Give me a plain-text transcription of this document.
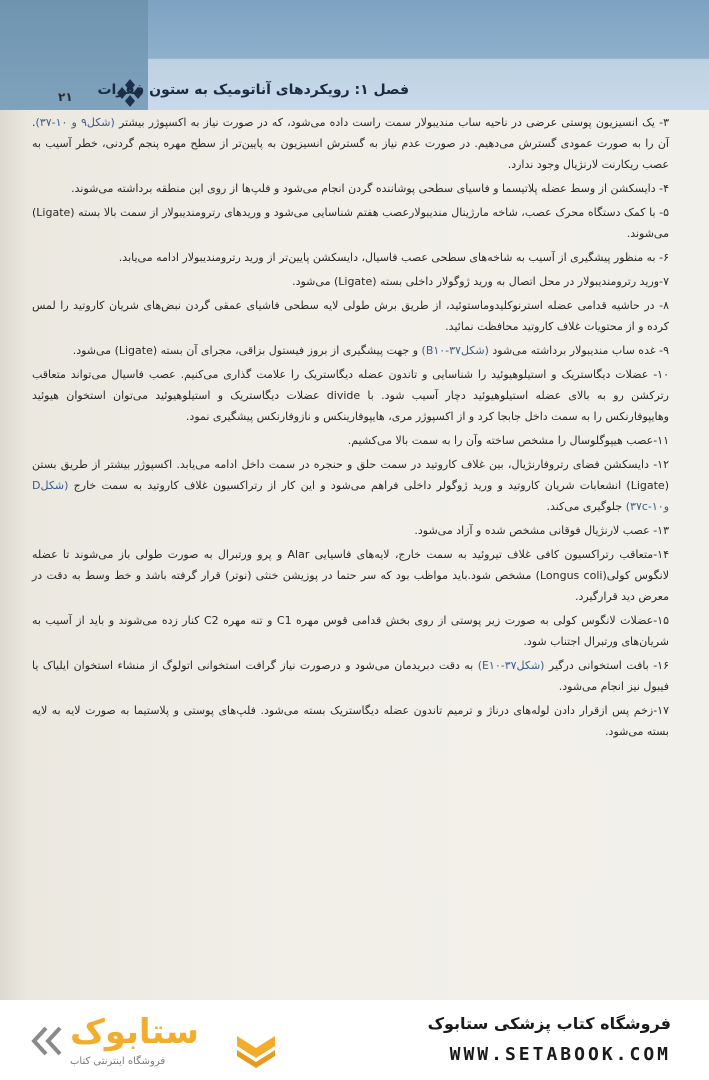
۲۱ فصل ۱: رویکردهای آناتومیک به ستون فقرات

۳- یک انسیزیون پوستی عرضی در ناحیه ساب مندیبولار سمت راست داده می‌شود، که در صورت نیاز به اکسپوژر بیشتر (شکل۹ و ۱۰-۳۷). آن را به صورت عمودی گسترش می‌دهیم. در صورت عدم نیاز به گسترش انسیزیون به پایین‌تر از سطح مهره پنجم گردنی، خطر آسیب به عصب ریکارنت لارنژیال وجود ندارد.

۴- دایسکشن از وسط عضله پلاتیسما و فاسیای سطحی پوشاننده گردن انجام می‌شود و فلپ‌ها از روی این منطقه برداشته می‌شوند.

۵- با کمک دستگاه محرک عصب، شاخه مارژینال مندیبولارعصب هفتم شناسایی می‌شود و وریدهای رترومندیبولار از سمت بالا بسته (Ligate) می‌شوند.

۶- به منظور پیشگیری از آسیب به شاخه‌های سطحی عصب فاسیال، دایسکشن پایین‌تر از ورید رترومندیبولار ادامه می‌یابد.

۷-ورید رترومندیبولار در محل اتصال به ورید ژوگولار داخلی بسته (Ligate) می‌شود.

۸- در حاشیه قدامی عضله استرنوکلیدوماستوئید، از طریق برش طولی لایه سطحی فاشیای عمقی گردن نبض‌های شریان کاروتید را لمس کرده و از محتویات غلاف کاروتید محافظت نمائید.

۹- غده ساب مندیبولار برداشته می‌شود (شکلB۱۰-۳۷) و جهت پیشگیری از بروز فیستول بزاقی، مجرای آن بسته (Ligate) می‌شود.

۱۰- عضلات دیگاستریک و استیلوهیوئید را شناسایی و تاندون عضله دیگاستریک را علامت گذاری می‌کنیم. عصب فاسیال می‌تواند متعاقب رترکشن رو به بالای عضله استیلوهیوئید دچار آسیب شود. با divide عضلات دیگاستریک و استیلوهیوئید می‌توان استخوان هیوئید وهایپوفارنکس را به سمت داخل جابجا کرد و از اکسپوژر مری، هایپوفارینکس و نازوفارنکس پیشگیری نمود.

۱۱-عصب هیپوگلوسال را مشخص ساخته وآن را به سمت بالا می‌کشیم.

۱۲- دایسکشن فضای رتروفارنژیال، بین غلاف کاروتید در سمت حلق و حنجره در سمت داخل ادامه می‌یابد. اکسپوژر بیشتر از طریق بستن (Ligate) انشعابات شریان کاروتید و ورید ژوگولر داخلی فراهم می‌شود و این کار از رتراکسیون غلاف کاروتید به سمت خارج (شکلD و۳۷c-۱۰) جلوگیری می‌کند.

۱۳- عصب لارنژیال فوقانی مشخص شده و آزاد می‌شود.

۱۴-متعاقب رتراکسیون کافی غلاف تیروئید به سمت خارج، لایه‌های فاسیایی Alar و پرو ورتبرال به صورت طولی باز می‌شوند تا عضله لانگوس کولی(Longus coli) مشخص شود.باید مواظب بود که سر حتما در پوزیشن خنثی (نوتر) قرار گرفته باشد و خط وسط به دقت در معرض دید قرارگیرد.

۱۵-عضلات لانگوس کولی به صورت زیر پوستی از روی بخش قدامی قوس مهره C1 و تنه مهره C2 کنار زده می‌شوند و باید از آسیب به شریان‌های ورتبرال اجتناب شود.

۱۶- بافت استخوانی درگیر (شکلE۱۰-۳۷) به دقت دبریدمان می‌شود و درصورت نیاز گرافت استخوانی اتولوگ از منشاء استخوان ایلیاک یا فیبول نیز انجام می‌شود.

۱۷-زخم پس ازقرار دادن لوله‌های درناژ و ترمیم تاندون عضله دیگاستریک بسته می‌شود. فلپ‌های پوستی و پلاستیما به صورت لایه به لایه بسته می‌شود.

ستابوک
فروشگاه اینترنتی کتاب
فروشگاه کتاب پزشکی ستابوک
WWW.SETABOOK.COM
